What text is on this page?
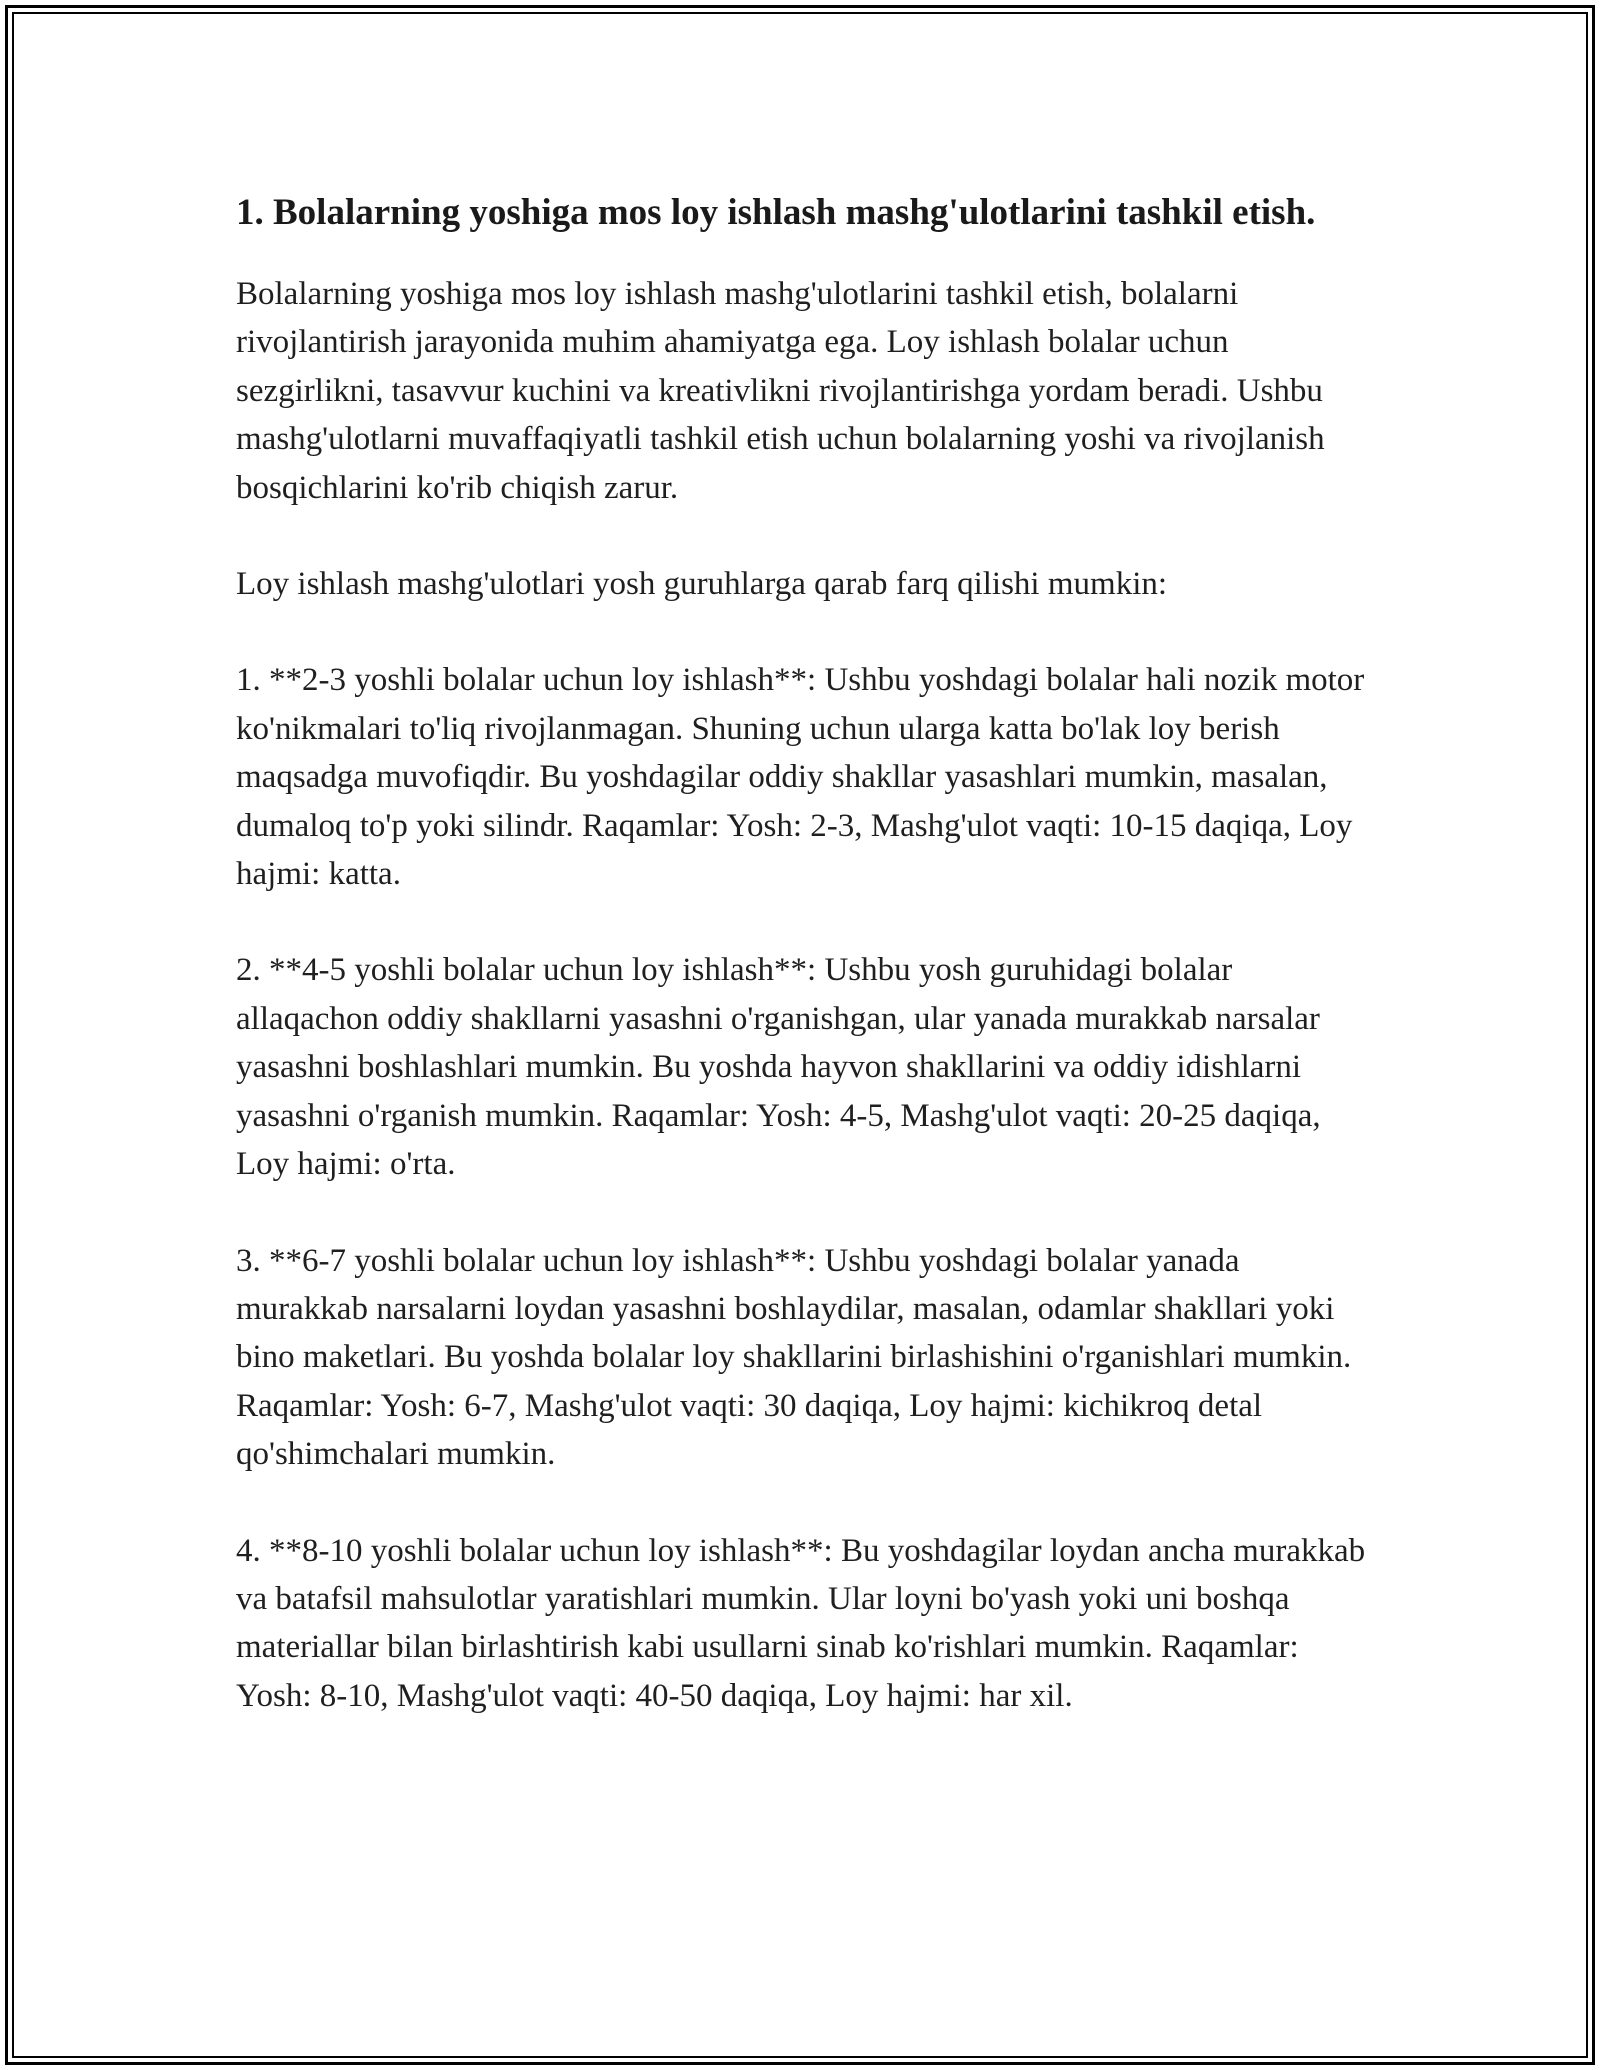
1. Bolalarning yoshiga mos loy ishlash mashg'ulotlarini tashkil etish.

Bolalarning yoshiga mos loy ishlash mashg'ulotlarini tashkil etish, bolalarni rivojlantirish jarayonida muhim ahamiyatga ega. Loy ishlash bolalar uchun sezgirlikni, tasavvur kuchini va kreativlikni rivojlantirishga yordam beradi. Ushbu mashg'ulotlarni muvaffaqiyatli tashkil etish uchun bolalarning yoshi va rivojlanish bosqichlarini ko'rib chiqish zarur.

Loy ishlash mashg'ulotlari yosh guruhlarga qarab farq qilishi mumkin:

1. **2-3 yoshli bolalar uchun loy ishlash**: Ushbu yoshdagi bolalar hali nozik motor ko'nikmalari to'liq rivojlanmagan. Shuning uchun ularga katta bo'lak loy berish maqsadga muvofiqdir. Bu yoshdagilar oddiy shakllar yasashlari mumkin, masalan, dumaloq to'p yoki silindr. Raqamlar: Yosh: 2-3, Mashg'ulot vaqti: 10-15 daqiqa, Loy hajmi: katta.

2. **4-5 yoshli bolalar uchun loy ishlash**: Ushbu yosh guruhidagi bolalar allaqachon oddiy shakllarni yasashni o'rganishgan, ular yanada murakkab narsalar yasashni boshlashlari mumkin. Bu yoshda hayvon shakllarini va oddiy idishlarni yasashni o'rganish mumkin. Raqamlar: Yosh: 4-5, Mashg'ulot vaqti: 20-25 daqiqa, Loy hajmi: o'rta.

3. **6-7 yoshli bolalar uchun loy ishlash**: Ushbu yoshdagi bolalar yanada murakkab narsalarni loydan yasashni boshlaydilar, masalan, odamlar shakllari yoki bino maketlari. Bu yoshda bolalar loy shakllarini birlashishini o'rganishlari mumkin. Raqamlar: Yosh: 6-7, Mashg'ulot vaqti: 30 daqiqa, Loy hajmi: kichikroq detal qo'shimchalari mumkin.

4. **8-10 yoshli bolalar uchun loy ishlash**: Bu yoshdagilar loydan ancha murakkab va batafsil mahsulotlar yaratishlari mumkin. Ular loyni bo'yash yoki uni boshqa materiallar bilan birlashtirish kabi usullarni sinab ko'rishlari mumkin. Raqamlar: Yosh: 8-10, Mashg'ulot vaqti: 40-50 daqiqa, Loy hajmi: har xil.
